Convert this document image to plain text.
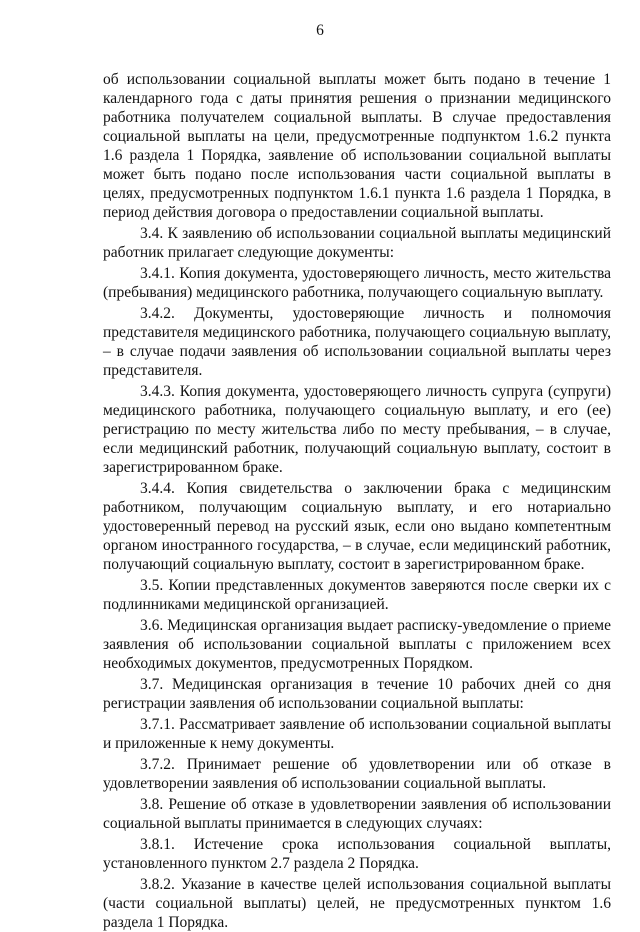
6

об использовании социальной выплаты может быть подано в течение 1 календарного года с даты принятия решения о признании медицинского работника получателем социальной выплаты. В случае предоставления социальной выплаты на цели, предусмотренные подпунктом 1.6.2 пункта 1.6 раздела 1 Порядка, заявление об использовании социальной выплаты может быть подано после использования части социальной выплаты в целях, предусмотренных подпунктом 1.6.1 пункта 1.6 раздела 1 Порядка, в период действия договора о предоставлении социальной выплаты.

3.4. К заявлению об использовании социальной выплаты медицинский работник прилагает следующие документы:

3.4.1. Копия документа, удостоверяющего личность, место жительства (пребывания) медицинского работника, получающего социальную выплату.

3.4.2. Документы, удостоверяющие личность и полномочия представителя медицинского работника, получающего социальную выплату, – в случае подачи заявления об использовании социальной выплаты через представителя.

3.4.3. Копия документа, удостоверяющего личность супруга (супруги) медицинского работника, получающего социальную выплату, и его (ее) регистрацию по месту жительства либо по месту пребывания, – в случае, если медицинский работник, получающий социальную выплату, состоит в зарегистрированном браке.

3.4.4. Копия свидетельства о заключении брака с медицинским работником, получающим социальную выплату, и его нотариально удостоверенный перевод на русский язык, если оно выдано компетентным органом иностранного государства, – в случае, если медицинский работник, получающий социальную выплату, состоит в зарегистрированном браке.

3.5. Копии представленных документов заверяются после сверки их с подлинниками медицинской организацией.

3.6. Медицинская организация выдает расписку-уведомление о приеме заявления об использовании социальной выплаты с приложением всех необходимых документов, предусмотренных Порядком.

3.7. Медицинская организация в течение 10 рабочих дней со дня регистрации заявления об использовании социальной выплаты:

3.7.1. Рассматривает заявление об использовании социальной выплаты и приложенные к нему документы.

3.7.2. Принимает решение об удовлетворении или об отказе в удовлетворении заявления об использовании социальной выплаты.

3.8. Решение об отказе в удовлетворении заявления об использовании социальной выплаты принимается в следующих случаях:

3.8.1. Истечение срока использования социальной выплаты, установленного пунктом 2.7 раздела 2 Порядка.

3.8.2. Указание в качестве целей использования социальной выплаты (части социальной выплаты) целей, не предусмотренных пунктом 1.6 раздела 1 Порядка.
